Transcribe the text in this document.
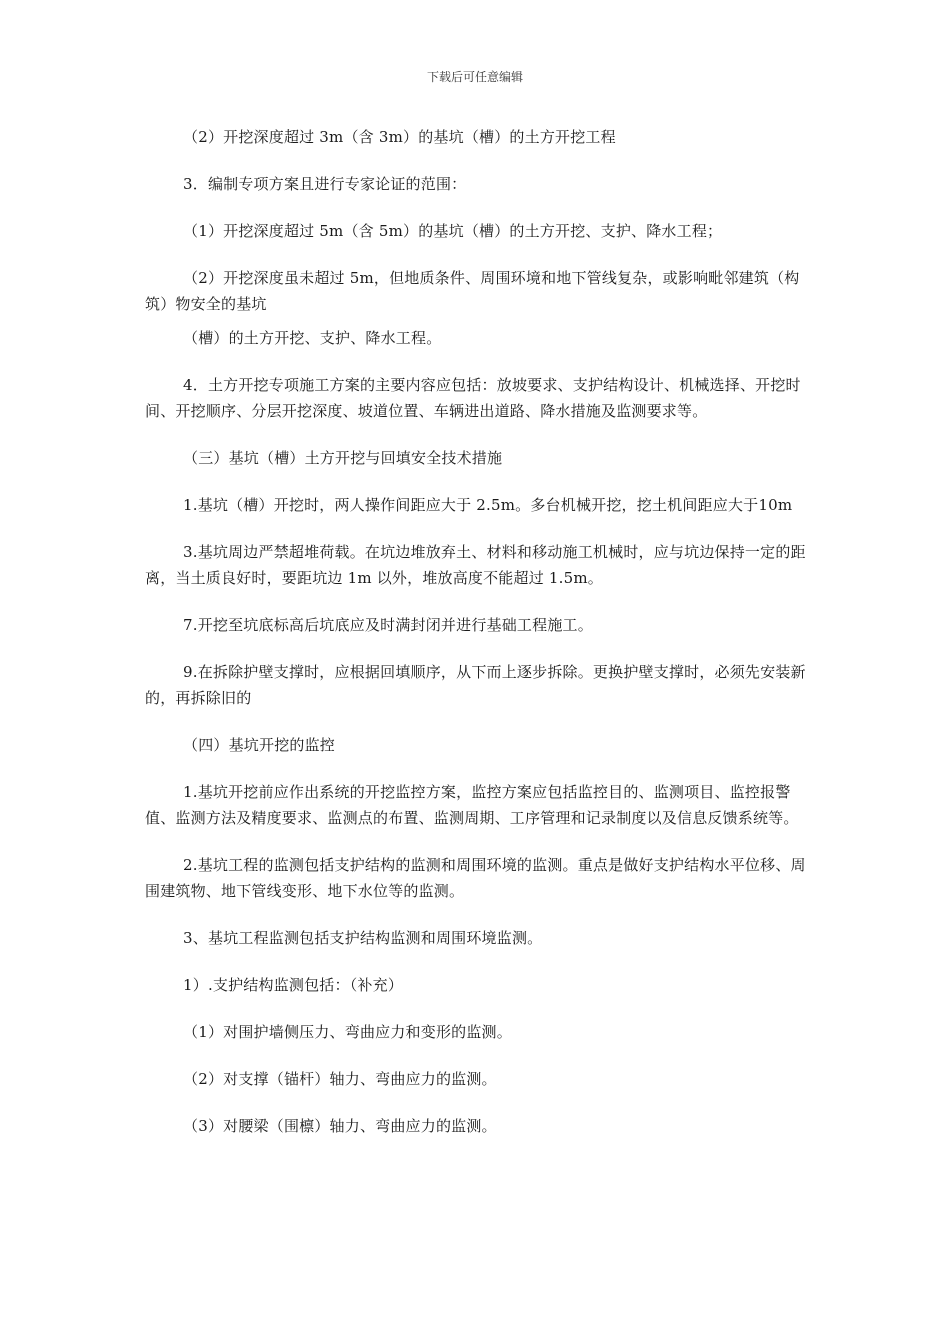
下载后可任意编辑

（2）开挖深度超过 3m（含 3m）的基坑（槽）的土方开挖工程

3．编制专项方案且进行专家论证的范围：

（1）开挖深度超过 5m（含 5m）的基坑（槽）的土方开挖、支护、降水工程；

（2）开挖深度虽未超过 5m，但地质条件、周围环境和地下管线复杂，或影响毗邻建筑（构筑）物安全的基坑

（槽）的土方开挖、支护、降水工程。

4．土方开挖专项施工方案的主要内容应包括：放坡要求、支护结构设计、机械选择、开挖时间、开挖顺序、分层开挖深度、坡道位置、车辆进出道路、降水措施及监测要求等。

（三）基坑（槽）土方开挖与回填安全技术措施

1.基坑（槽）开挖时，两人操作间距应大于 2.5m。多台机械开挖，挖土机间距应大于10m

3.基坑周边严禁超堆荷载。在坑边堆放弃土、材料和移动施工机械时，应与坑边保持一定的距离，当土质良好时，要距坑边 1m 以外，堆放高度不能超过 1.5m。

7.开挖至坑底标高后坑底应及时满封闭并进行基础工程施工。

9.在拆除护壁支撑时，应根据回填顺序，从下而上逐步拆除。更换护壁支撑时，必须先安装新的，再拆除旧的

（四）基坑开挖的监控

1.基坑开挖前应作出系统的开挖监控方案，监控方案应包括监控目的、监测项目、监控报警值、监测方法及精度要求、监测点的布置、监测周期、工序管理和记录制度以及信息反馈系统等。

2.基坑工程的监测包括支护结构的监测和周围环境的监测。重点是做好支护结构水平位移、周围建筑物、地下管线变形、地下水位等的监测。

3、基坑工程监测包括支护结构监测和周围环境监测。

1）.支护结构监测包括：（补充）

（1）对围护墙侧压力、弯曲应力和变形的监测。

（2）对支撑（锚杆）轴力、弯曲应力的监测。

（3）对腰梁（围檩）轴力、弯曲应力的监测。
